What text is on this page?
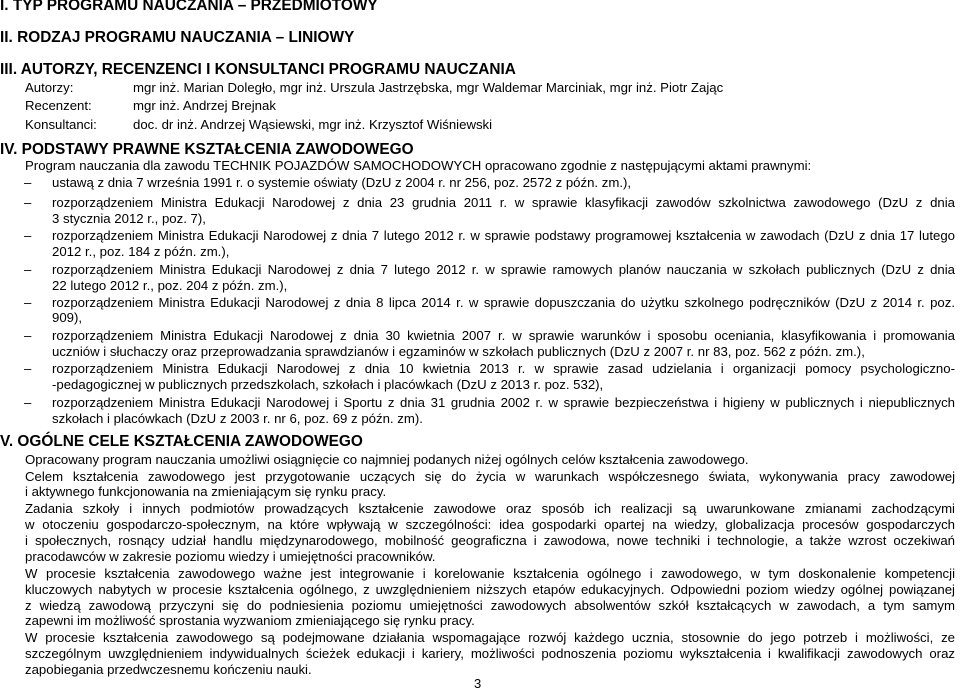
I. TYP PROGRAMU NAUCZANIA – PRZEDMIOTOWY
II. RODZAJ PROGRAMU NAUCZANIA – LINIOWY
III. AUTORZY, RECENZENCI I KONSULTANCI PROGRAMU NAUCZANIA
Autorzy:	mgr inż. Marian Doległo, mgr inż. Urszula Jastrzębska, mgr Waldemar Marciniak, mgr inż. Piotr Zając
Recenzent:	mgr inż. Andrzej Brejnak
Konsultanci:	doc. dr inż. Andrzej Wąsiewski, mgr inż. Krzysztof Wiśniewski
IV. PODSTAWY PRAWNE KSZTAŁCENIA ZAWODOWEGO
Program nauczania dla zawodu TECHNIK POJAZDÓW SAMOCHODOWYCH opracowano zgodnie z następującymi aktami prawnymi:
– ustawą z dnia 7 września 1991 r. o systemie oświaty (DzU z 2004 r. nr 256, poz. 2572 z późn. zm.),
– rozporządzeniem Ministra Edukacji Narodowej z dnia 23 grudnia 2011 r. w sprawie klasyfikacji zawodów szkolnictwa zawodowego (DzU z dnia
3 stycznia 2012 r., poz. 7),
– rozporządzeniem Ministra Edukacji Narodowej z dnia 7 lutego 2012 r. w sprawie podstawy programowej kształcenia w zawodach (DzU z dnia 17 lutego
2012 r., poz. 184 z późn. zm.),
– rozporządzeniem Ministra Edukacji Narodowej z dnia 7 lutego 2012 r. w sprawie ramowych planów nauczania w szkołach publicznych (DzU z dnia
22 lutego 2012 r., poz. 204 z późn. zm.),
– rozporządzeniem Ministra Edukacji Narodowej z dnia 8 lipca 2014 r. w sprawie dopuszczania do użytku szkolnego podręczników (DzU z 2014 r. poz.
909),
– rozporządzeniem Ministra Edukacji Narodowej z dnia 30 kwietnia 2007 r. w sprawie warunków i sposobu oceniania, klasyfikowania i promowania
uczniów i słuchaczy oraz przeprowadzania sprawdzianów i egzaminów w szkołach publicznych (DzU z 2007 r. nr 83, poz. 562 z późn. zm.),
– rozporządzeniem Ministra Edukacji Narodowej z dnia 10 kwietnia 2013 r. w sprawie zasad udzielania i organizacji pomocy psychologiczno-
-pedagogicznej w publicznych przedszkolach, szkołach i placówkach (DzU z 2013 r. poz. 532),
– rozporządzeniem Ministra Edukacji Narodowej i Sportu z dnia 31 grudnia 2002 r. w sprawie bezpieczeństwa i higieny w publicznych i niepublicznych
szkołach i placówkach (DzU z 2003 r. nr 6, poz. 69 z późn. zm).
V. OGÓLNE CELE KSZTAŁCENIA ZAWODOWEGO
Opracowany program nauczania umożliwi osiągnięcie co najmniej podanych niżej ogólnych celów kształcenia zawodowego.
Celem kształcenia zawodowego jest przygotowanie uczących się do życia w warunkach współczesnego świata, wykonywania pracy zawodowej
i aktywnego funkcjonowania na zmieniającym się rynku pracy.
Zadania szkoły i innych podmiotów prowadzących kształcenie zawodowe oraz sposób ich realizacji są uwarunkowane zmianami zachodzącymi
w otoczeniu gospodarczo-społecznym, na które wpływają w szczególności: idea gospodarki opartej na wiedzy, globalizacja procesów gospodarczych
i społecznych, rosnący udział handlu międzynarodowego, mobilność geograficzna i zawodowa, nowe techniki i technologie, a także wzrost oczekiwań
pracodawców w zakresie poziomu wiedzy i umiejętności pracowników.
W procesie kształcenia zawodowego ważne jest integrowanie i korelowanie kształcenia ogólnego i zawodowego, w tym doskonalenie kompetencji
kluczowych nabytych w procesie kształcenia ogólnego, z uwzględnieniem niższych etapów edukacyjnych. Odpowiedni poziom wiedzy ogólnej powiązanej
z wiedzą zawodową przyczyni się do podniesienia poziomu umiejętności zawodowych absolwentów szkół kształcących w zawodach, a tym samym
zapewni im możliwość sprostania wyzwaniom zmieniającego się rynku pracy.
W procesie kształcenia zawodowego są podejmowane działania wspomagające rozwój każdego ucznia, stosownie do jego potrzeb i możliwości, ze
szczególnym uwzględnieniem indywidualnych ścieżek edukacji i kariery, możliwości podnoszenia poziomu wykształcenia i kwalifikacji zawodowych oraz
zapobiegania przedwczesnemu kończeniu nauki.
3
